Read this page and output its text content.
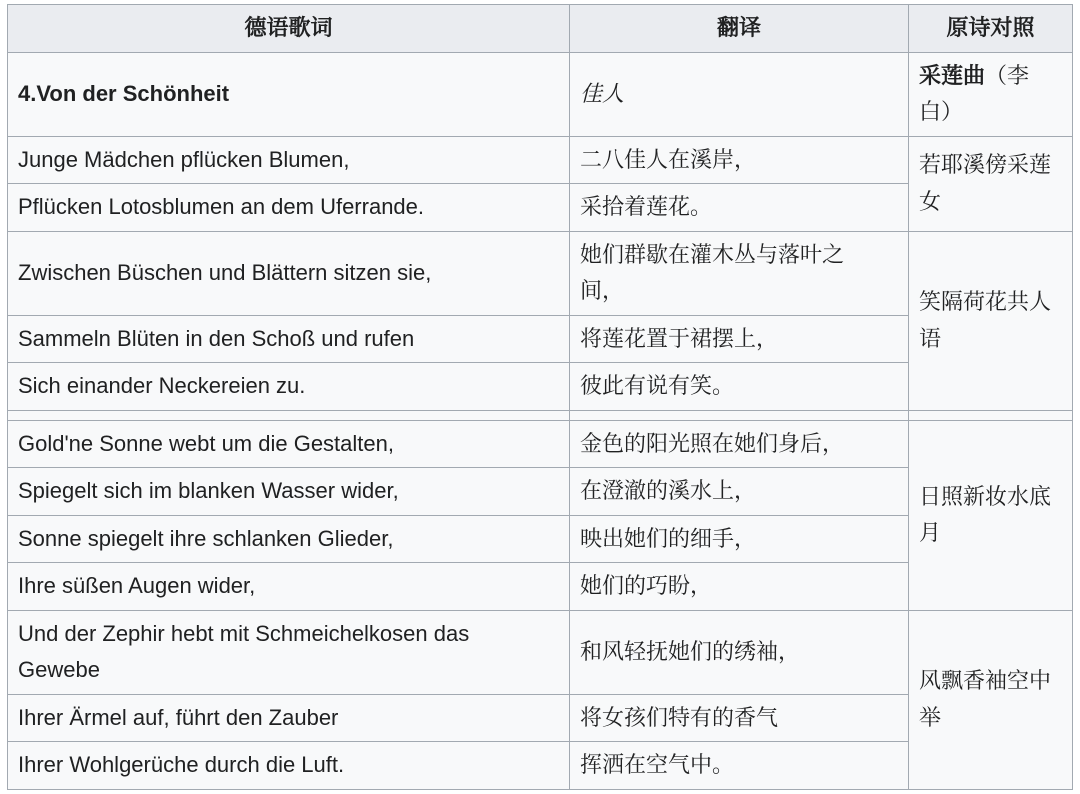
德语歌词	翻译	原诗对照

4.Von der Schönheit	佳人	采莲曲（李白）

Junge Mädchen pflücken Blumen,	二八佳人在溪岸，	若耶溪傍采莲女

Pflücken Lotosblumen an dem Uferrande.	采拾着莲花。	

Zwischen Büschen und Blättern sitzen sie,	她们群歇在灌木丛与落叶之间，	笑隔荷花共人语

Sammeln Blüten in den Schoß und rufen	将莲花置于裙摆上，	

Sich einander Neckereien zu.	彼此有说有笑。	

Gold'ne Sonne webt um die Gestalten,	金色的阳光照在她们身后，	日照新妆水底月

Spiegelt sich im blanken Wasser wider,	在澄澈的溪水上，	

Sonne spiegelt ihre schlanken Glieder,	映出她们的细手，	

Ihre süßen Augen wider,	她们的巧盼，	

Und der Zephir hebt mit Schmeichelkosen das Gewebe	和风轻抚她们的绣袖，	风飘香袖空中举

Ihrer Ärmel auf, führt den Zauber	将女孩们特有的香气	

Ihrer Wohlgerüche durch die Luft.	挥洒在空气中。	
